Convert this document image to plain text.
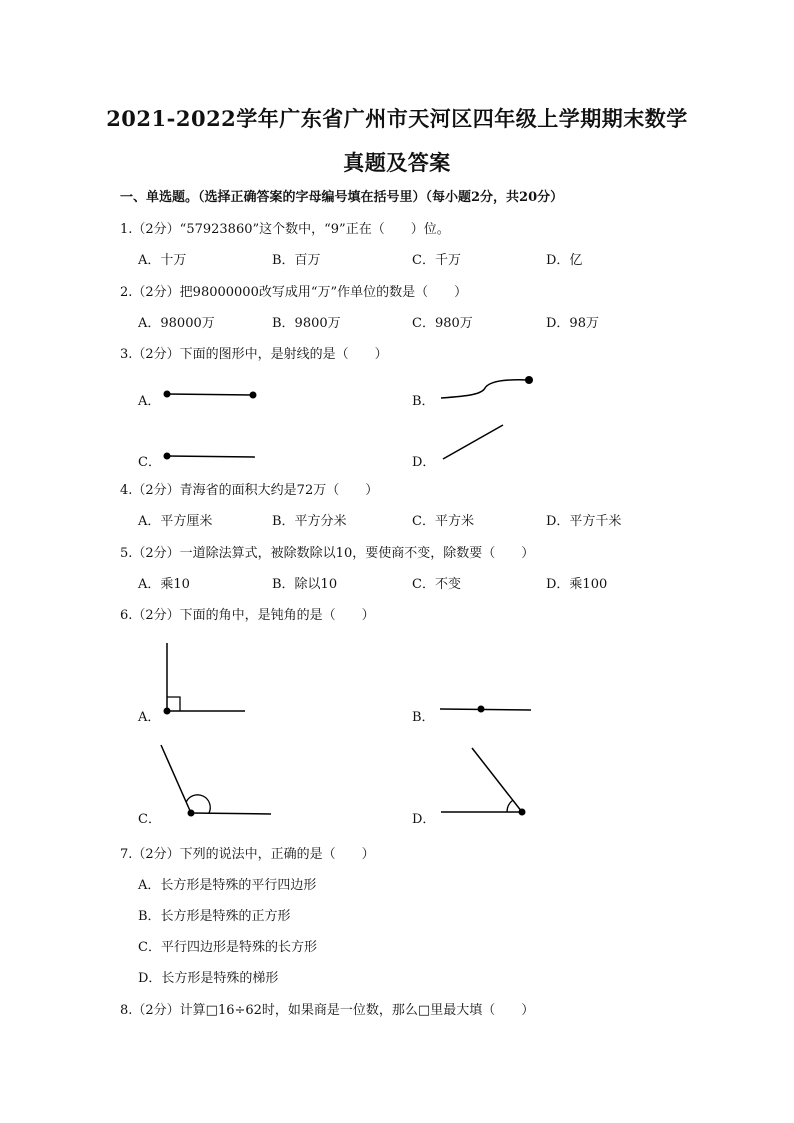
2021-2022学年广东省广州市天河区四年级上学期期末数学
真题及答案
一、单选题。（选择正确答案的字母编号填在括号里）（每小题2分，共20分）
1.（2分）“57923860”这个数中，“9”正在（　　）位。
A．十万	B．百万	C．千万	D．亿
2.（2分）把98000000改写成用“万”作单位的数是（　　）
A．98000万	B．9800万	C．980万	D．98万
3.（2分）下面的图形中，是射线的是（　　）
A．	B．
C．	D．
4.（2分）青海省的面积大约是72万（　　）
A．平方厘米	B．平方分米	C．平方米	D．平方千米
5.（2分）一道除法算式，被除数除以10，要使商不变，除数要（　　）
A．乘10	B．除以10	C．不变	D．乘100
6.（2分）下面的角中，是钝角的是（　　）
A．	B．
C．	D．
7.（2分）下列的说法中，正确的是（　　）
A．长方形是特殊的平行四边形
B．长方形是特殊的正方形
C．平行四边形是特殊的长方形
D．长方形是特殊的梯形
8.（2分）计算□16÷62时，如果商是一位数，那么□里最大填（　　）
